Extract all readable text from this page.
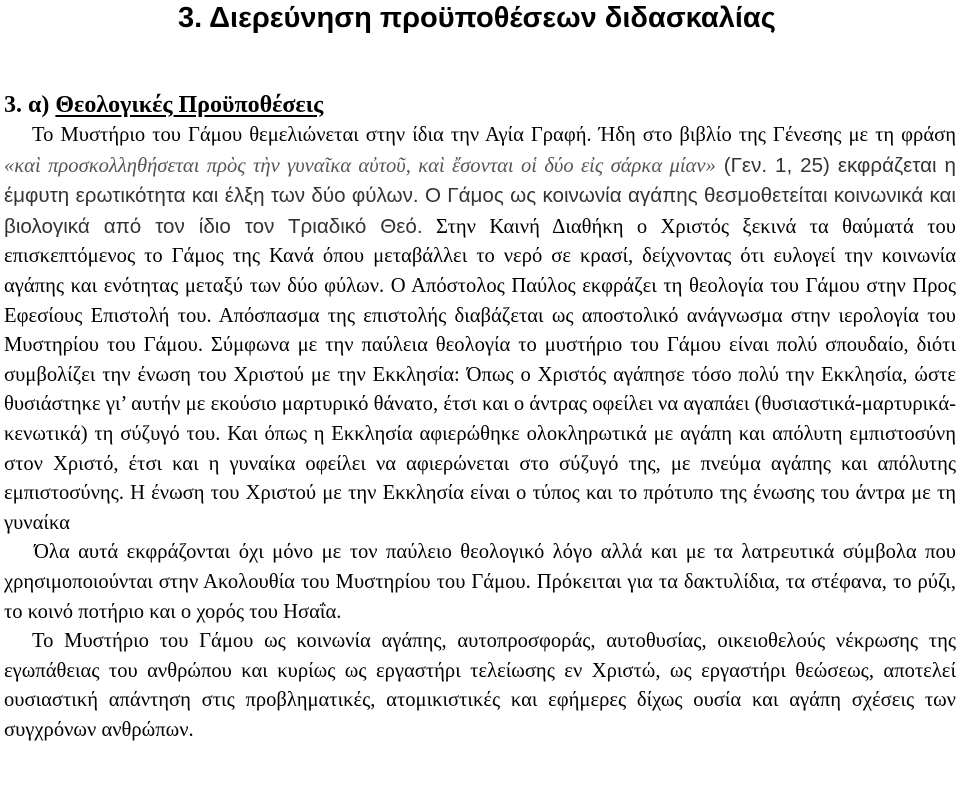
3. Διερεύνηση προϋποθέσεων διδασκαλίας
3. α) Θεολογικές Προϋποθέσεις

Το Μυστήριο του Γάμου θεμελιώνεται στην ίδια την Αγία Γραφή. Ήδη στο βιβλίο της Γένεσης με τη φράση «καὶ προσκολληθήσεται πρὸς τὴν γυναῖκα αὐτοῦ, καὶ ἔσονται οἱ δύο εἰς σάρκα μίαν» (Γεν. 1, 25) εκφράζεται η έμφυτη ερωτικότητα και έλξη των δύο φύλων. Ο Γάμος ως κοινωνία αγάπης θεσμοθετείται κοινωνικά και βιολογικά από τον ίδιο τον Τριαδικό Θεό. Στην Καινή Διαθήκη ο Χριστός ξεκινά τα θαύματά του επισκεπτόμενος το Γάμος της Κανά όπου μεταβάλλει το νερό σε κρασί, δείχνοντας ότι ευλογεί την κοινωνία αγάπης και ενότητας μεταξύ των δύο φύλων. Ο Απόστολος Παύλος εκφράζει τη θεολογία του Γάμου στην Προς Εφεσίους Επιστολή του. Απόσπασμα της επιστολής διαβάζεται ως αποστολικό ανάγνωσμα στην ιερολογία του Μυστηρίου του Γάμου. Σύμφωνα με την παύλεια θεολογία το μυστήριο του Γάμου είναι πολύ σπουδαίο, διότι συμβολίζει την ένωση του Χριστού με την Εκκλησία: Όπως ο Χριστός αγάπησε τόσο πολύ την Εκκλησία, ώστε θυσιάστηκε γι’ αυτήν με εκούσιο μαρτυρικό θάνατο, έτσι και ο άντρας οφείλει να αγαπάει (θυσιαστικά-μαρτυρικά-κενωτικά) τη σύζυγό του. Και όπως η Εκκλησία αφιερώθηκε ολοκληρωτικά με αγάπη και απόλυτη εμπιστοσύνη στον Χριστό, έτσι και η γυναίκα οφείλει να αφιερώνεται στο σύζυγό της, με πνεύμα αγάπης και απόλυτης εμπιστοσύνης. Η ένωση του Χριστού με την Εκκλησία είναι ο τύπος και το πρότυπο της ένωσης του άντρα με τη γυναίκα

Όλα αυτά εκφράζονται όχι μόνο με τον παύλειο θεολογικό λόγο αλλά και με τα λατρευτικά σύμβολα που χρησιμοποιούνται στην Ακολουθία του Μυστηρίου του Γάμου. Πρόκειται για τα δακτυλίδια, τα στέφανα, το ρύζι, το κοινό ποτήριο και ο χορός του Ησαΐα.

Το Μυστήριο του Γάμου ως κοινωνία αγάπης, αυτοπροσφοράς, αυτοθυσίας, οικειοθελούς νέκρωσης της εγωπάθειας του ανθρώπου και κυρίως ως εργαστήρι τελείωσης εν Χριστώ, ως εργαστήρι θεώσεως, αποτελεί ουσιαστική απάντηση στις προβληματικές, ατομικιστικές και εφήμερες δίχως ουσία και αγάπη σχέσεις των συγχρόνων ανθρώπων.
